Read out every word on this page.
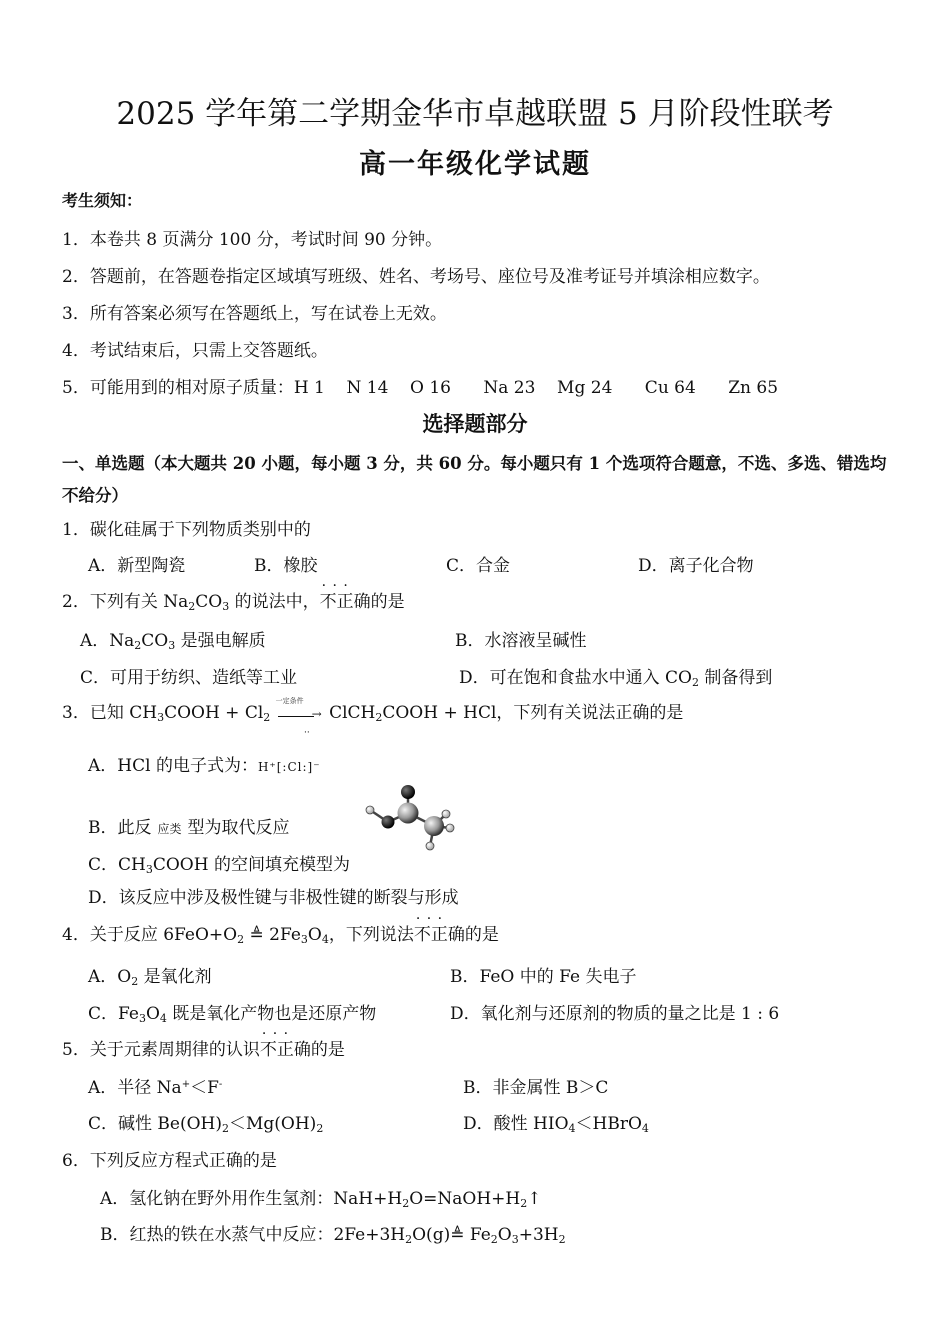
2025 学年第二学期金华市卓越联盟 5 月阶段性联考
高一年级化学试题
考生须知：
1．本卷共 8 页满分 100 分，考试时间 90 分钟。
2．答题前，在答题卷指定区域填写班级、姓名、考场号、座位号及准考证号并填涂相应数字。
3．所有答案必须写在答题纸上，写在试卷上无效。
4．考试结束后，只需上交答题纸。
5．可能用到的相对原子质量：H 1    N 14    O 16      Na 23    Mg 24      Cu 64      Zn 65
选择题部分
一、单选题（本大题共 20 小题，每小题 3 分，共 60 分。每小题只有 1 个选项符合题意，不选、多选、错选均不给分）
1．碳化硅属于下列物质类别中的
A．新型陶瓷	B．橡胶	C．合金	D．离子化合物
2．下列有关 $Na_2CO_3$ 的说法中，· · · 不正确的是
A．$Na_2CO_3$ 是强电解质	B．水溶液呈碱性
C．可用于纺织、造纸等工业	D．可在饱和食盐水中通入 $CO_2$ 制备得到
3．已知 $CH_3COOH + Cl_2$	→
一定条件
ClCH$_2$COOH + HCl，下列有关说法正确的是
··
A．HCl 的电子式为：H⁺[:Cl:]⁻
B．此反 应类 型为取代反应
C．$CH_3COOH$ 的空间填充模型为
D．该反应中涉及极性键与非极性键的断裂与形成
4．关于反应 $6FeO+O_2$ ≜ $2Fe_3O_4$，下列说法· · · 不正确的是
A．$O_2$ 是氧化剂	B．FeO 中的 Fe 失电子
C．$Fe_3O_4$ 既是氧化产物也是还原产物	D．氧化剂与还原剂的物质的量之比是 1 : 6
5．关于元素周期律的认识· · · 不正确的是
A．半径 Na+＜F-	B．非金属性 B＞C
C．碱性 $Be(OH)_2<Mg(OH)_2$	D．酸性 $HIO_4<HBrO_4$
6．下列反应方程式正确的是
A．氢化钠在野外用作生氢剂：$NaH+H_2O=NaOH+H_2↑$
B．红热的铁在水蒸气中反应：$2Fe+3H_2O(g)≜$ $Fe_2O_3+3H_2$
